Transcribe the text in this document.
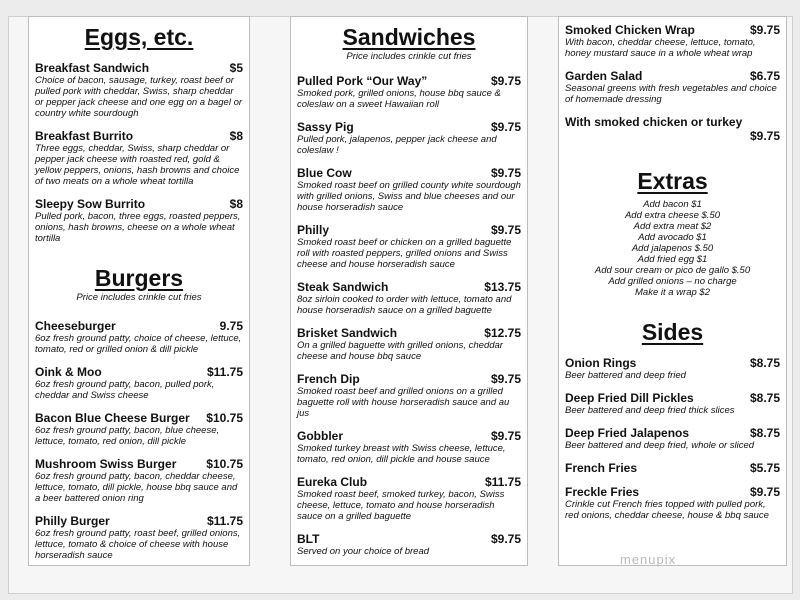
Eggs, etc.
Breakfast Sandwich	$5
Choice of bacon, sausage, turkey, roast beef or pulled pork with cheddar, Swiss, sharp cheddar or pepper jack cheese and one egg on a bagel or country white sourdough
Breakfast Burrito	$8
Three eggs, cheddar, Swiss, sharp cheddar or pepper jack cheese with roasted red, gold & yellow peppers, onions, hash browns and choice of two meats on a whole wheat tortilla
Sleepy Sow Burrito	$8
Pulled pork, bacon, three eggs, roasted peppers, onions, hash browns, cheese on a whole wheat tortilla
Burgers
Price includes crinkle cut fries
Cheeseburger	9.75
6oz fresh ground patty, choice of cheese, lettuce, tomato, red or grilled onion & dill pickle
Oink & Moo	$11.75
6oz fresh ground patty, bacon, pulled pork, cheddar and Swiss cheese
Bacon Blue Cheese Burger $10.75
6oz fresh ground patty, bacon, blue cheese, lettuce, tomato, red onion, dill pickle
Mushroom Swiss Burger $10.75
6oz fresh ground patty, bacon, cheddar cheese, lettuce, tomato, dill pickle, house bbq sauce and a beer battered onion ring
Philly Burger	$11.75
6oz fresh ground patty, roast beef, grilled onions, lettuce, tomato & choice of cheese with house horseradish sauce
Sandwiches
Price includes crinkle cut fries
Pulled Pork “Our Way”	$9.75
Smoked pork, grilled onions, house bbq sauce & coleslaw on a sweet Hawaiian roll
Sassy Pig	$9.75
Pulled pork, jalapenos, pepper jack cheese and coleslaw !
Blue Cow	$9.75
Smoked roast beef on grilled county white sourdough with grilled onions, Swiss and blue cheeses and our house horseradish sauce
Philly	$9.75
Smoked roast beef or chicken on a grilled baguette roll with roasted peppers, grilled onions and Swiss cheese and house horseradish sauce
Steak Sandwich	$13.75
8oz sirloin cooked to order with lettuce, tomato and house horseradish sauce on a grilled baguette
Brisket Sandwich	$12.75
On a grilled baguette with grilled onions, cheddar cheese and house bbq sauce
French Dip	$9.75
Smoked roast beef and grilled onions on a grilled baguette roll with house horseradish sauce and au jus
Gobbler	$9.75
Smoked turkey breast with Swiss cheese, lettuce, tomato, red onion, dill pickle and house sauce
Eureka Club	$11.75
Smoked roast beef, smoked turkey, bacon, Swiss cheese, lettuce, tomato and house horseradish sauce on a grilled baguette
BLT	$9.75
Served on your choice of bread
Smoked Chicken Wrap	$9.75
With bacon, cheddar cheese, lettuce, tomato, honey mustard sauce in a whole wheat wrap
Garden Salad	$6.75
Seasonal greens with fresh vegetables and choice of homemade dressing
With smoked chicken or turkey
$9.75
Extras
Add bacon $1
Add extra cheese $.50
Add extra meat $2
Add avocado $1
Add jalapenos $.50
Add fried egg $1
Add sour cream or pico de gallo $.50
Add grilled onions – no charge
Make it a wrap $2
Sides
Onion Rings	$8.75
Beer battered and deep fried
Deep Fried Dill Pickles	$8.75
Beer battered and deep fried thick slices
Deep Fried Jalapenos	$8.75
Beer battered and deep fried, whole or sliced
French Fries	$5.75
Freckle Fries	$9.75
Crinkle cut French fries topped with pulled pork, red onions, cheddar cheese, house & bbq sauce
menupix
